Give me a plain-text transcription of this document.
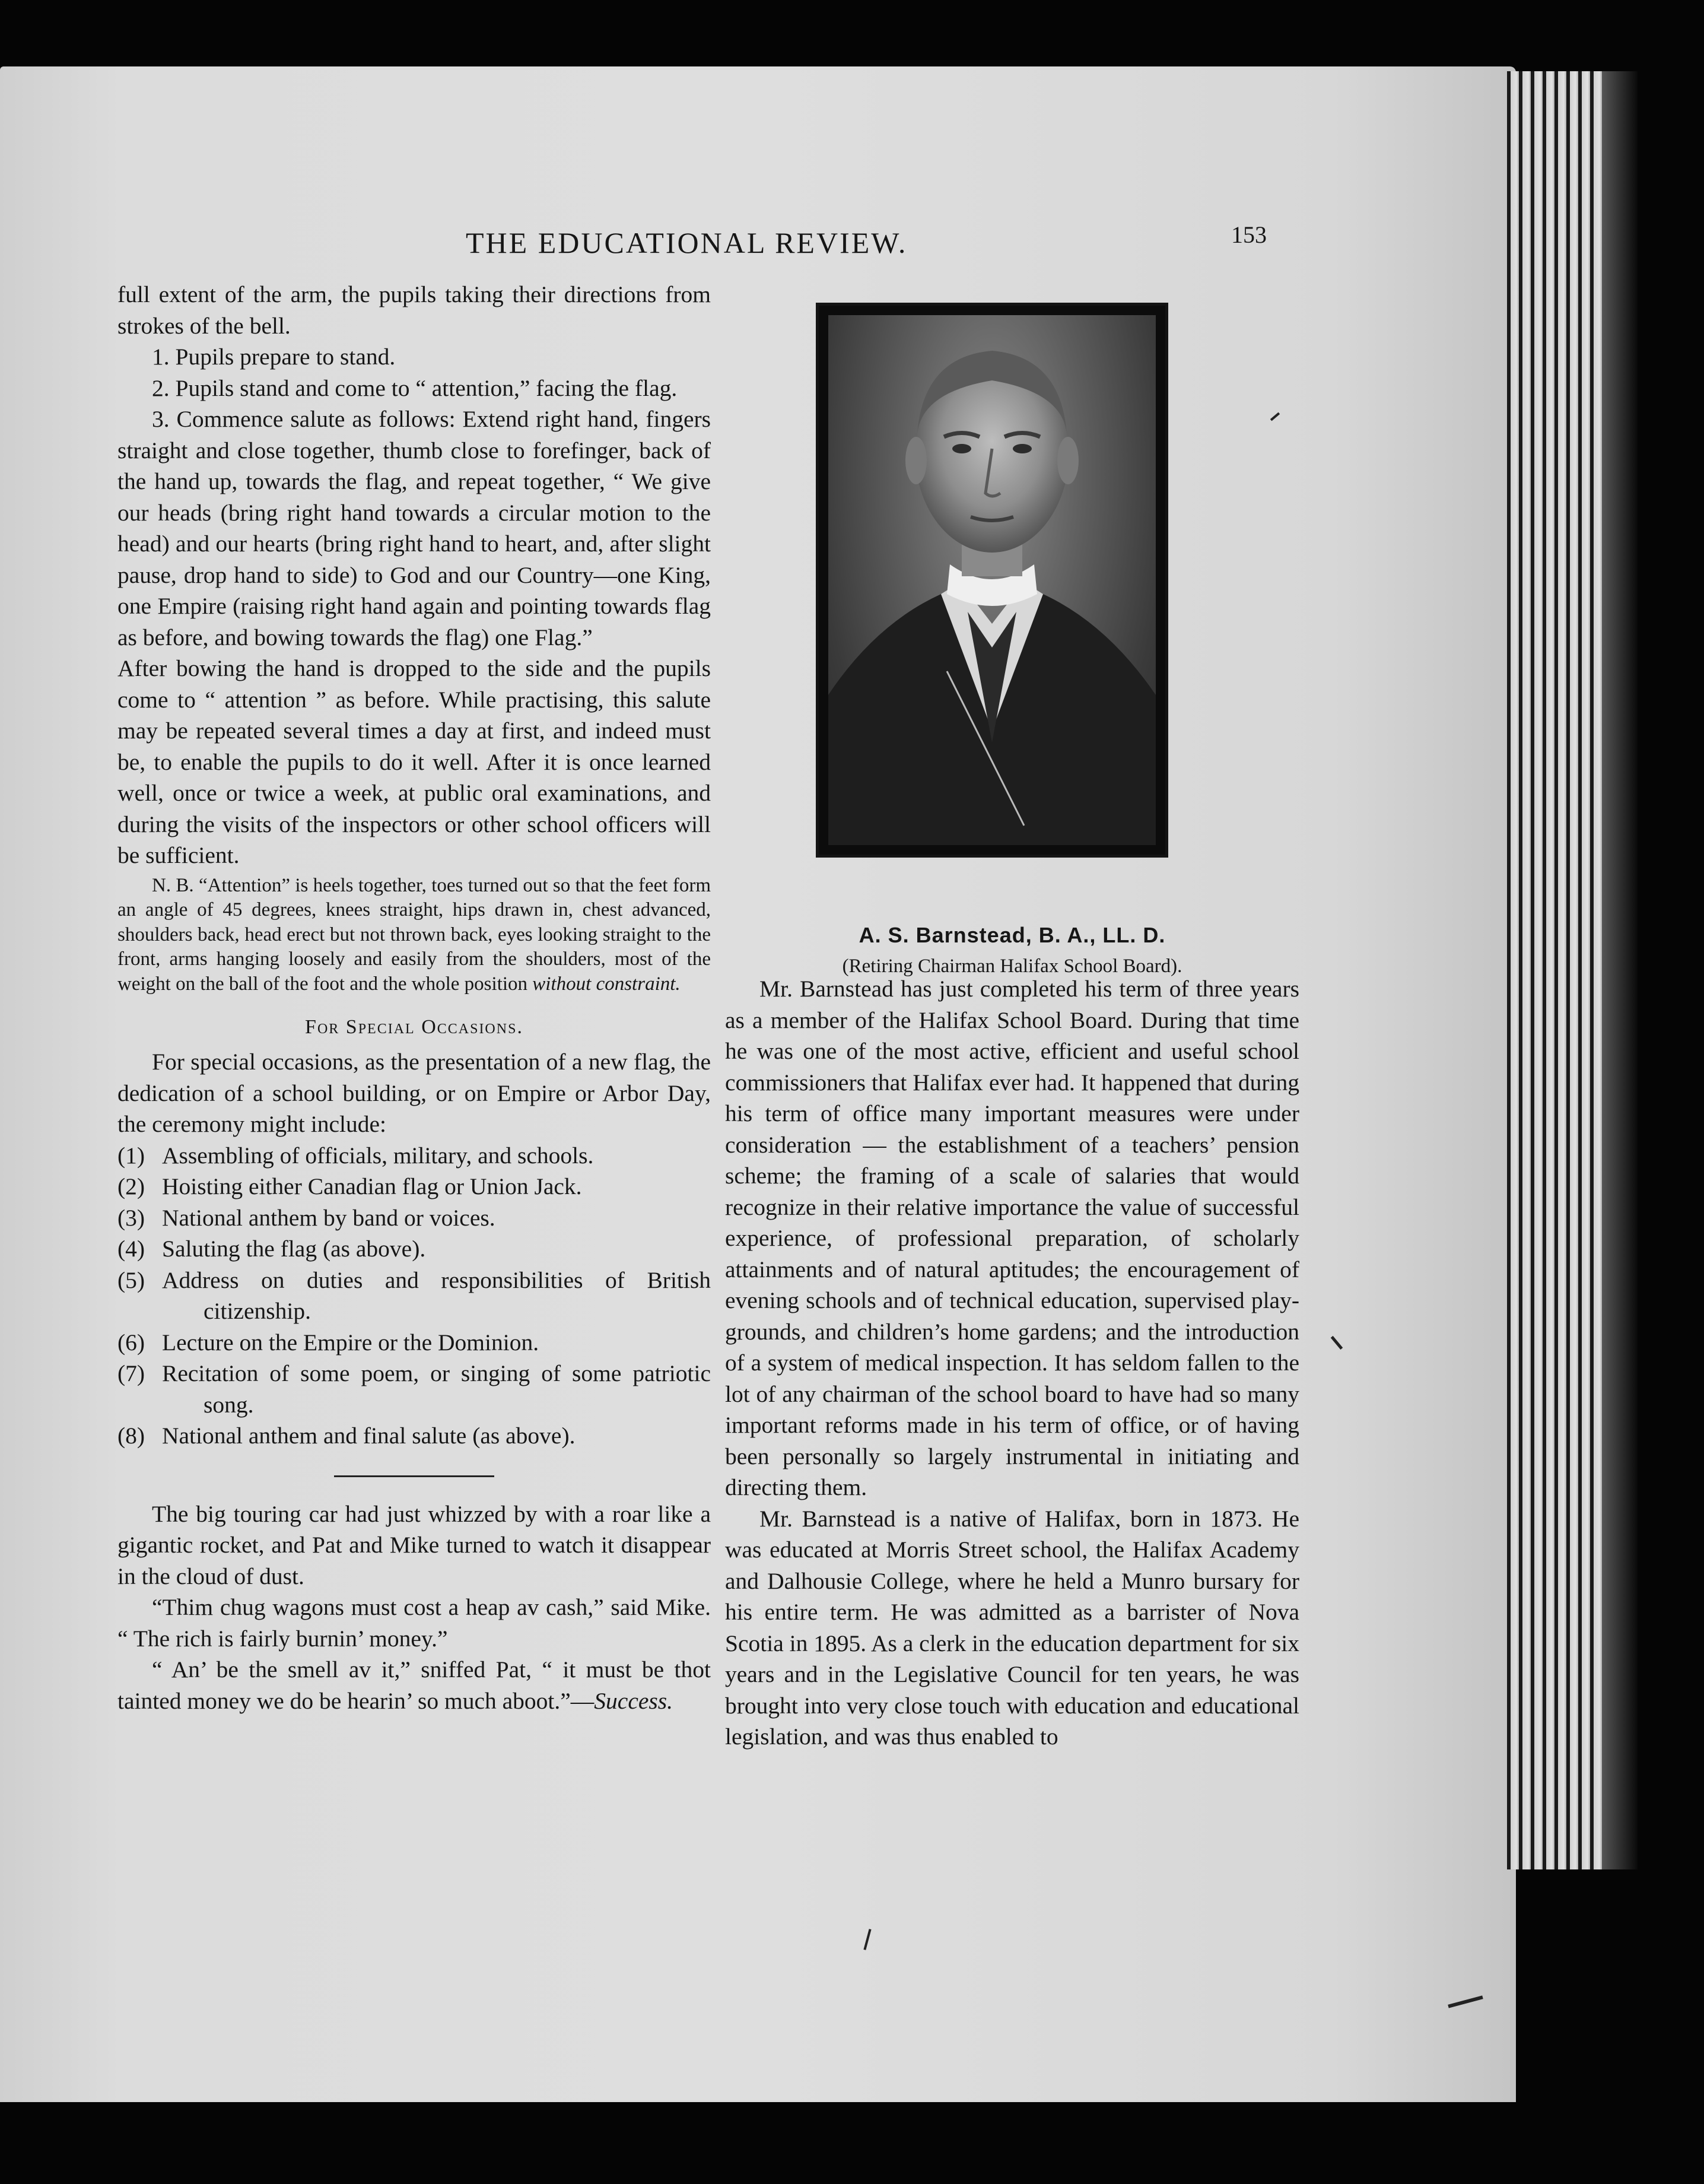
THE EDUCATIONAL REVIEW.	153

full extent of the arm, the pupils taking their directions from strokes of the bell.

1. Pupils prepare to stand.

2. Pupils stand and come to “ attention,” facing the flag.

3. Commence salute as follows: Extend right hand, fingers straight and close together, thumb close to forefinger, back of the hand up, towards the flag, and repeat together, “ We give our heads (bring right hand towards a circular motion to the head) and our hearts (bring right hand to heart, and, after slight pause, drop hand to side) to God and our Country—one King, one Empire (raising right hand again and pointing towards flag as before, and bowing towards the flag) one Flag.”

After bowing the hand is dropped to the side and the pupils come to “ attention ” as before. While practising, this salute may be repeated several times a day at first, and indeed must be, to enable the pupils to do it well. After it is once learned well, once or twice a week, at public oral examinations, and during the visits of the inspectors or other school officers will be sufficient.

N. B. “Attention” is heels together, toes turned out so that the feet form an angle of 45 degrees, knees straight, hips drawn in, chest advanced, shoulders back, head erect but not thrown back, eyes looking straight to the front, arms hanging loosely and easily from the shoulders, most of the weight on the ball of the foot and the whole position without constraint.

For Special Occasions.

For special occasions, as the presentation of a new flag, the dedication of a school building, or on Empire or Arbor Day, the ceremony might include:

(1) Assembling of officials, military, and schools.

(2) Hoisting either Canadian flag or Union Jack.

(3) National anthem by band or voices.

(4) Saluting the flag (as above).

(5) Address on duties and responsibilities of British citizenship.

(6) Lecture on the Empire or the Dominion.

(7) Recitation of some poem, or singing of some patriotic song.

(8) National anthem and final salute (as above).

The big touring car had just whizzed by with a roar like a gigantic rocket, and Pat and Mike turned to watch it disappear in the cloud of dust.

“Thim chug wagons must cost a heap av cash,” said Mike. “ The rich is fairly burnin’ money.”

“ An’ be the smell av it,” sniffed Pat, “ it must be thot tainted money we do be hearin’ so much aboot.”—Success.

A. S. Barnstead, B. A., LL. D.
(Retiring Chairman Halifax School Board).

Mr. Barnstead has just completed his term of three years as a member of the Halifax School Board. During that time he was one of the most active, efficient and useful school commissioners that Halifax ever had. It happened that during his term of office many important measures were under consideration — the establishment of a teachers’ pension scheme; the framing of a scale of salaries that would recognize in their relative importance the value of successful experience, of professional preparation, of scholarly attainments and of natural aptitudes; the encouragement of evening schools and of technical education, supervised play-grounds, and children’s home gardens; and the introduction of a system of medical inspection. It has seldom fallen to the lot of any chairman of the school board to have had so many important reforms made in his term of office, or of having been personally so largely instrumental in initiating and directing them.

Mr. Barnstead is a native of Halifax, born in 1873. He was educated at Morris Street school, the Halifax Academy and Dalhousie College, where he held a Munro bursary for his entire term. He was admitted as a barrister of Nova Scotia in 1895. As a clerk in the education department for six years and in the Legislative Council for ten years, he was brought into very close touch with education and educational legislation, and was thus enabled to
